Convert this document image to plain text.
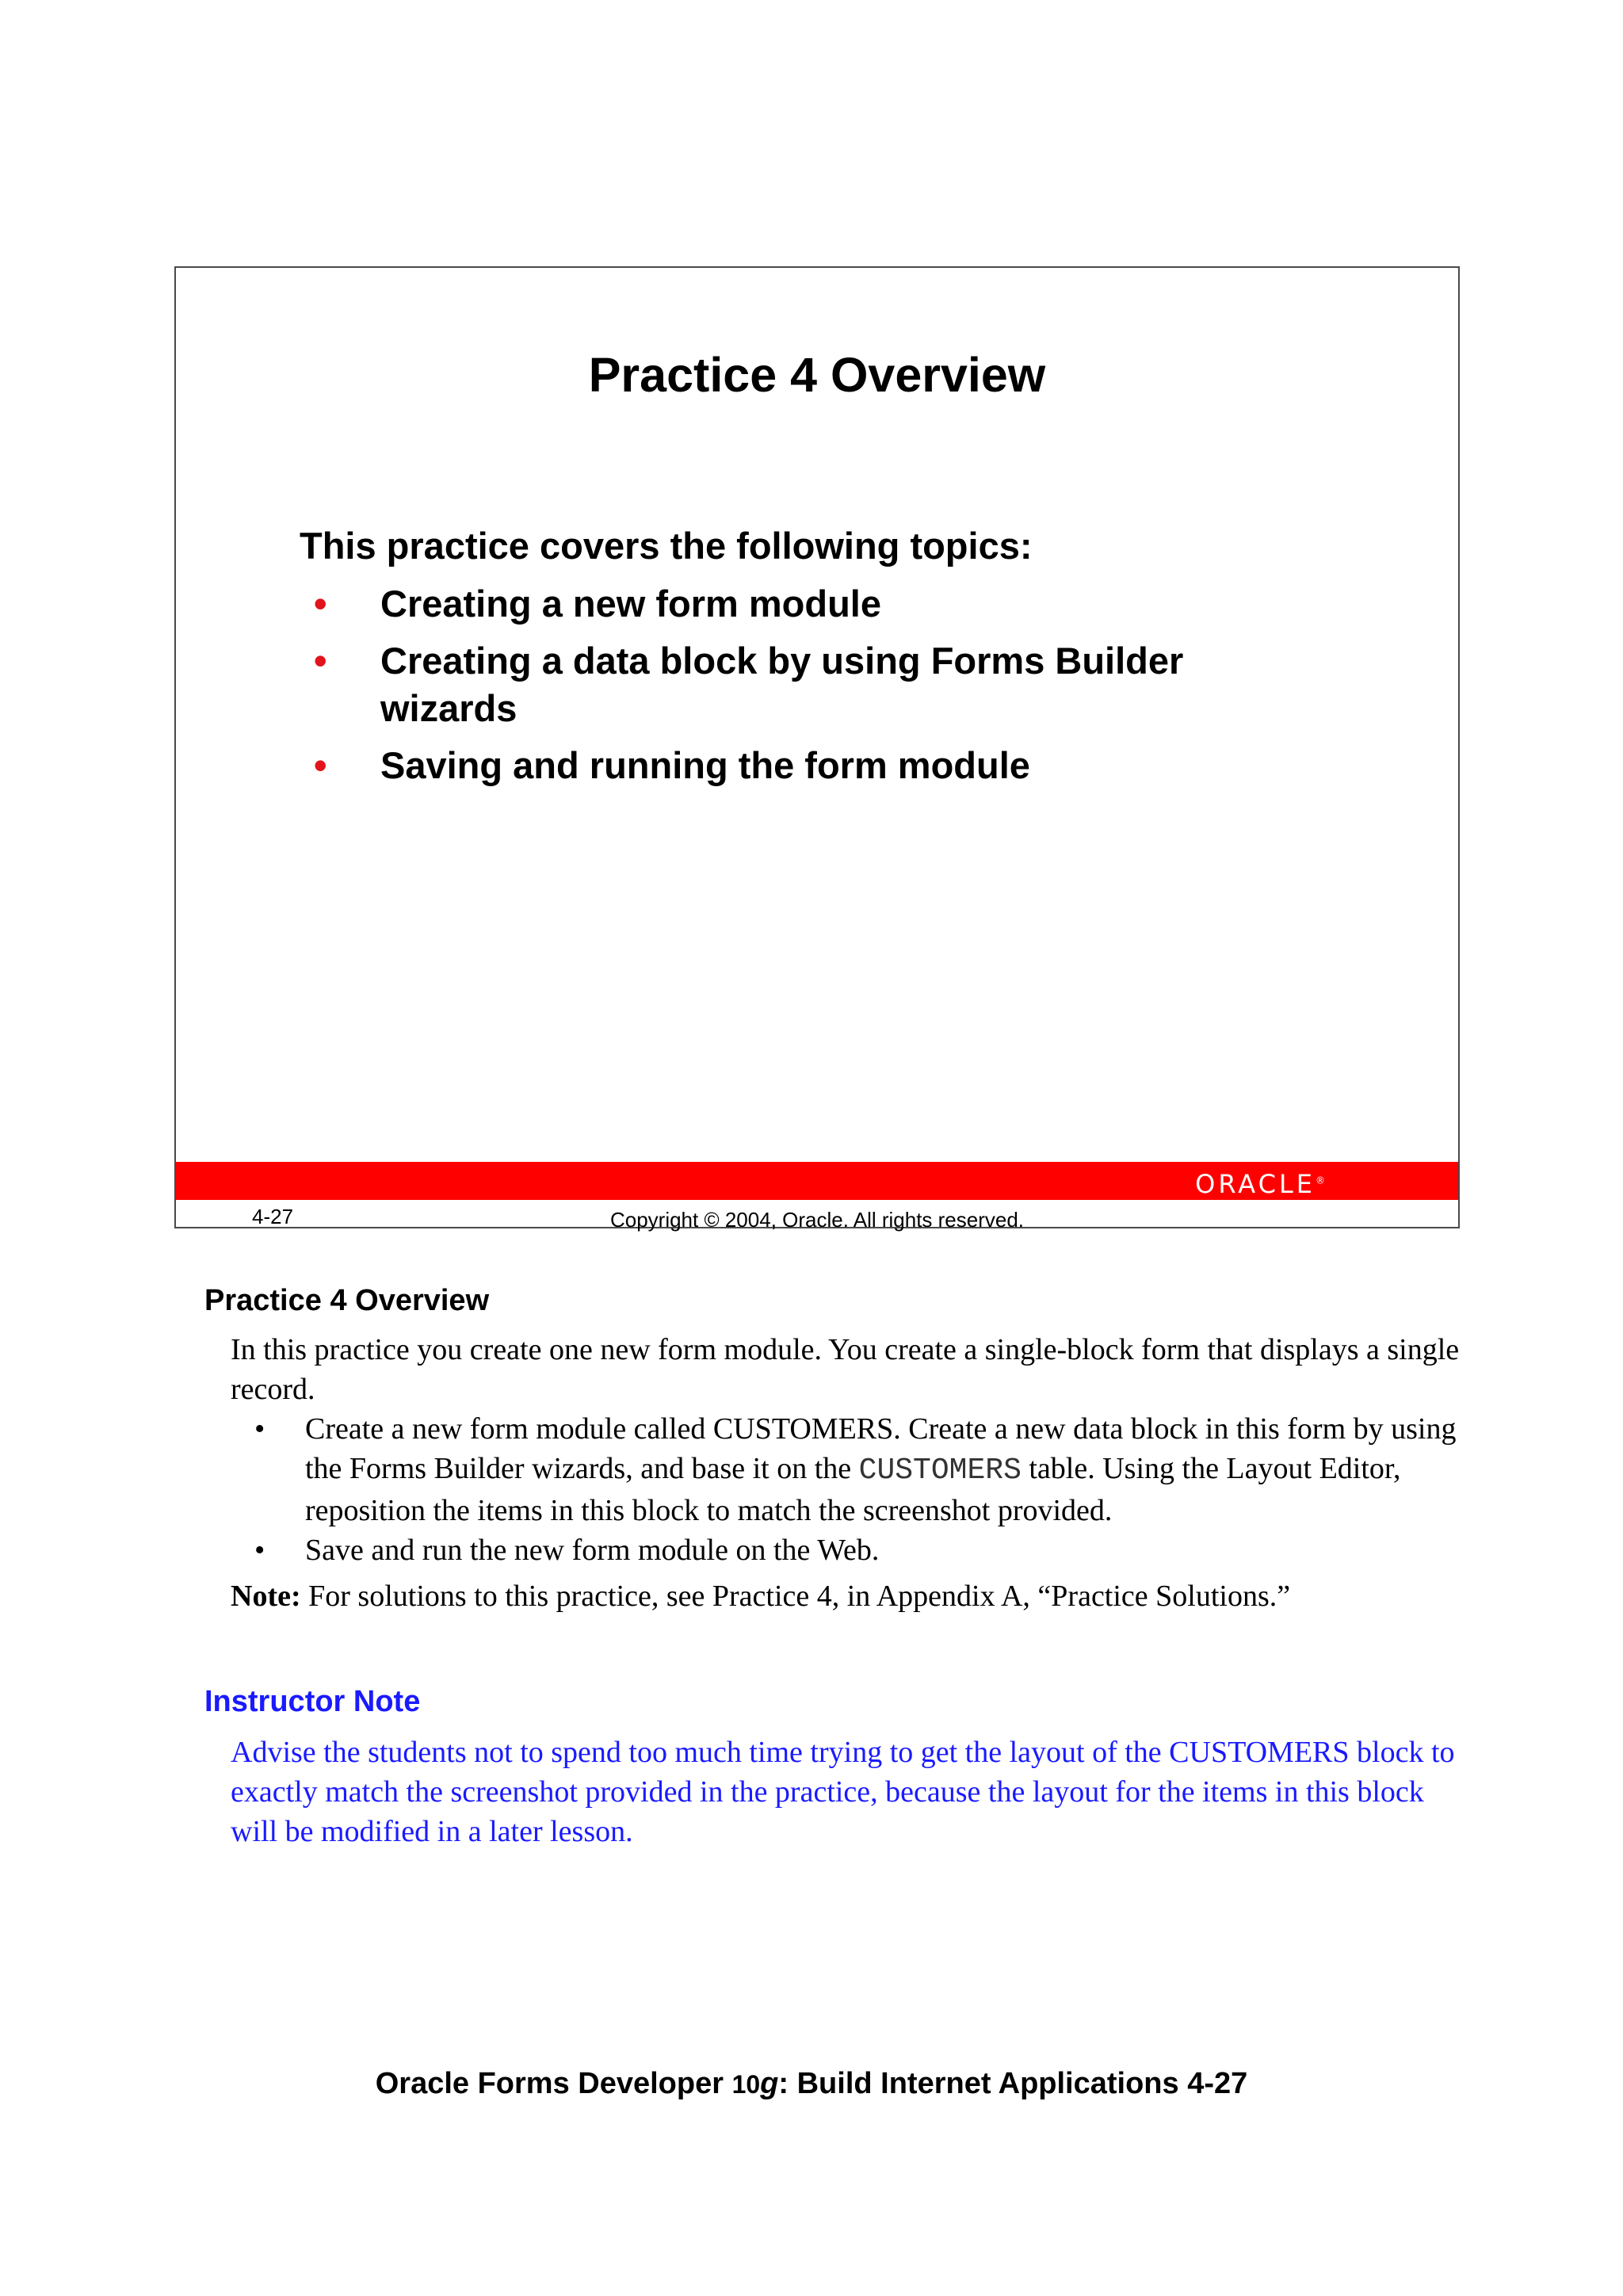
Practice 4 Overview

This practice covers the following topics:

• Creating a new form module
• Creating a data block by using Forms Builder wizards
• Saving and running the form module
ORACLE®
4-27	Copyright © 2004, Oracle. All rights reserved.
Practice 4 Overview

In this practice you create one new form module. You create a single-block form that displays a single record.

• Create a new form module called CUSTOMERS. Create a new data block in this form by using the Forms Builder wizards, and base it on the CUSTOMERS table. Using the Layout Editor, reposition the items in this block to match the screenshot provided.
• Save and run the new form module on the Web.

Note: For solutions to this practice, see Practice 4, in Appendix A, “Practice Solutions.”

Instructor Note

Advise the students not to spend too much time trying to get the layout of the CUSTOMERS block to exactly match the screenshot provided in the practice, because the layout for the items in this block will be modified in a later lesson.

Oracle Forms Developer 10g: Build Internet Applications 4-27
